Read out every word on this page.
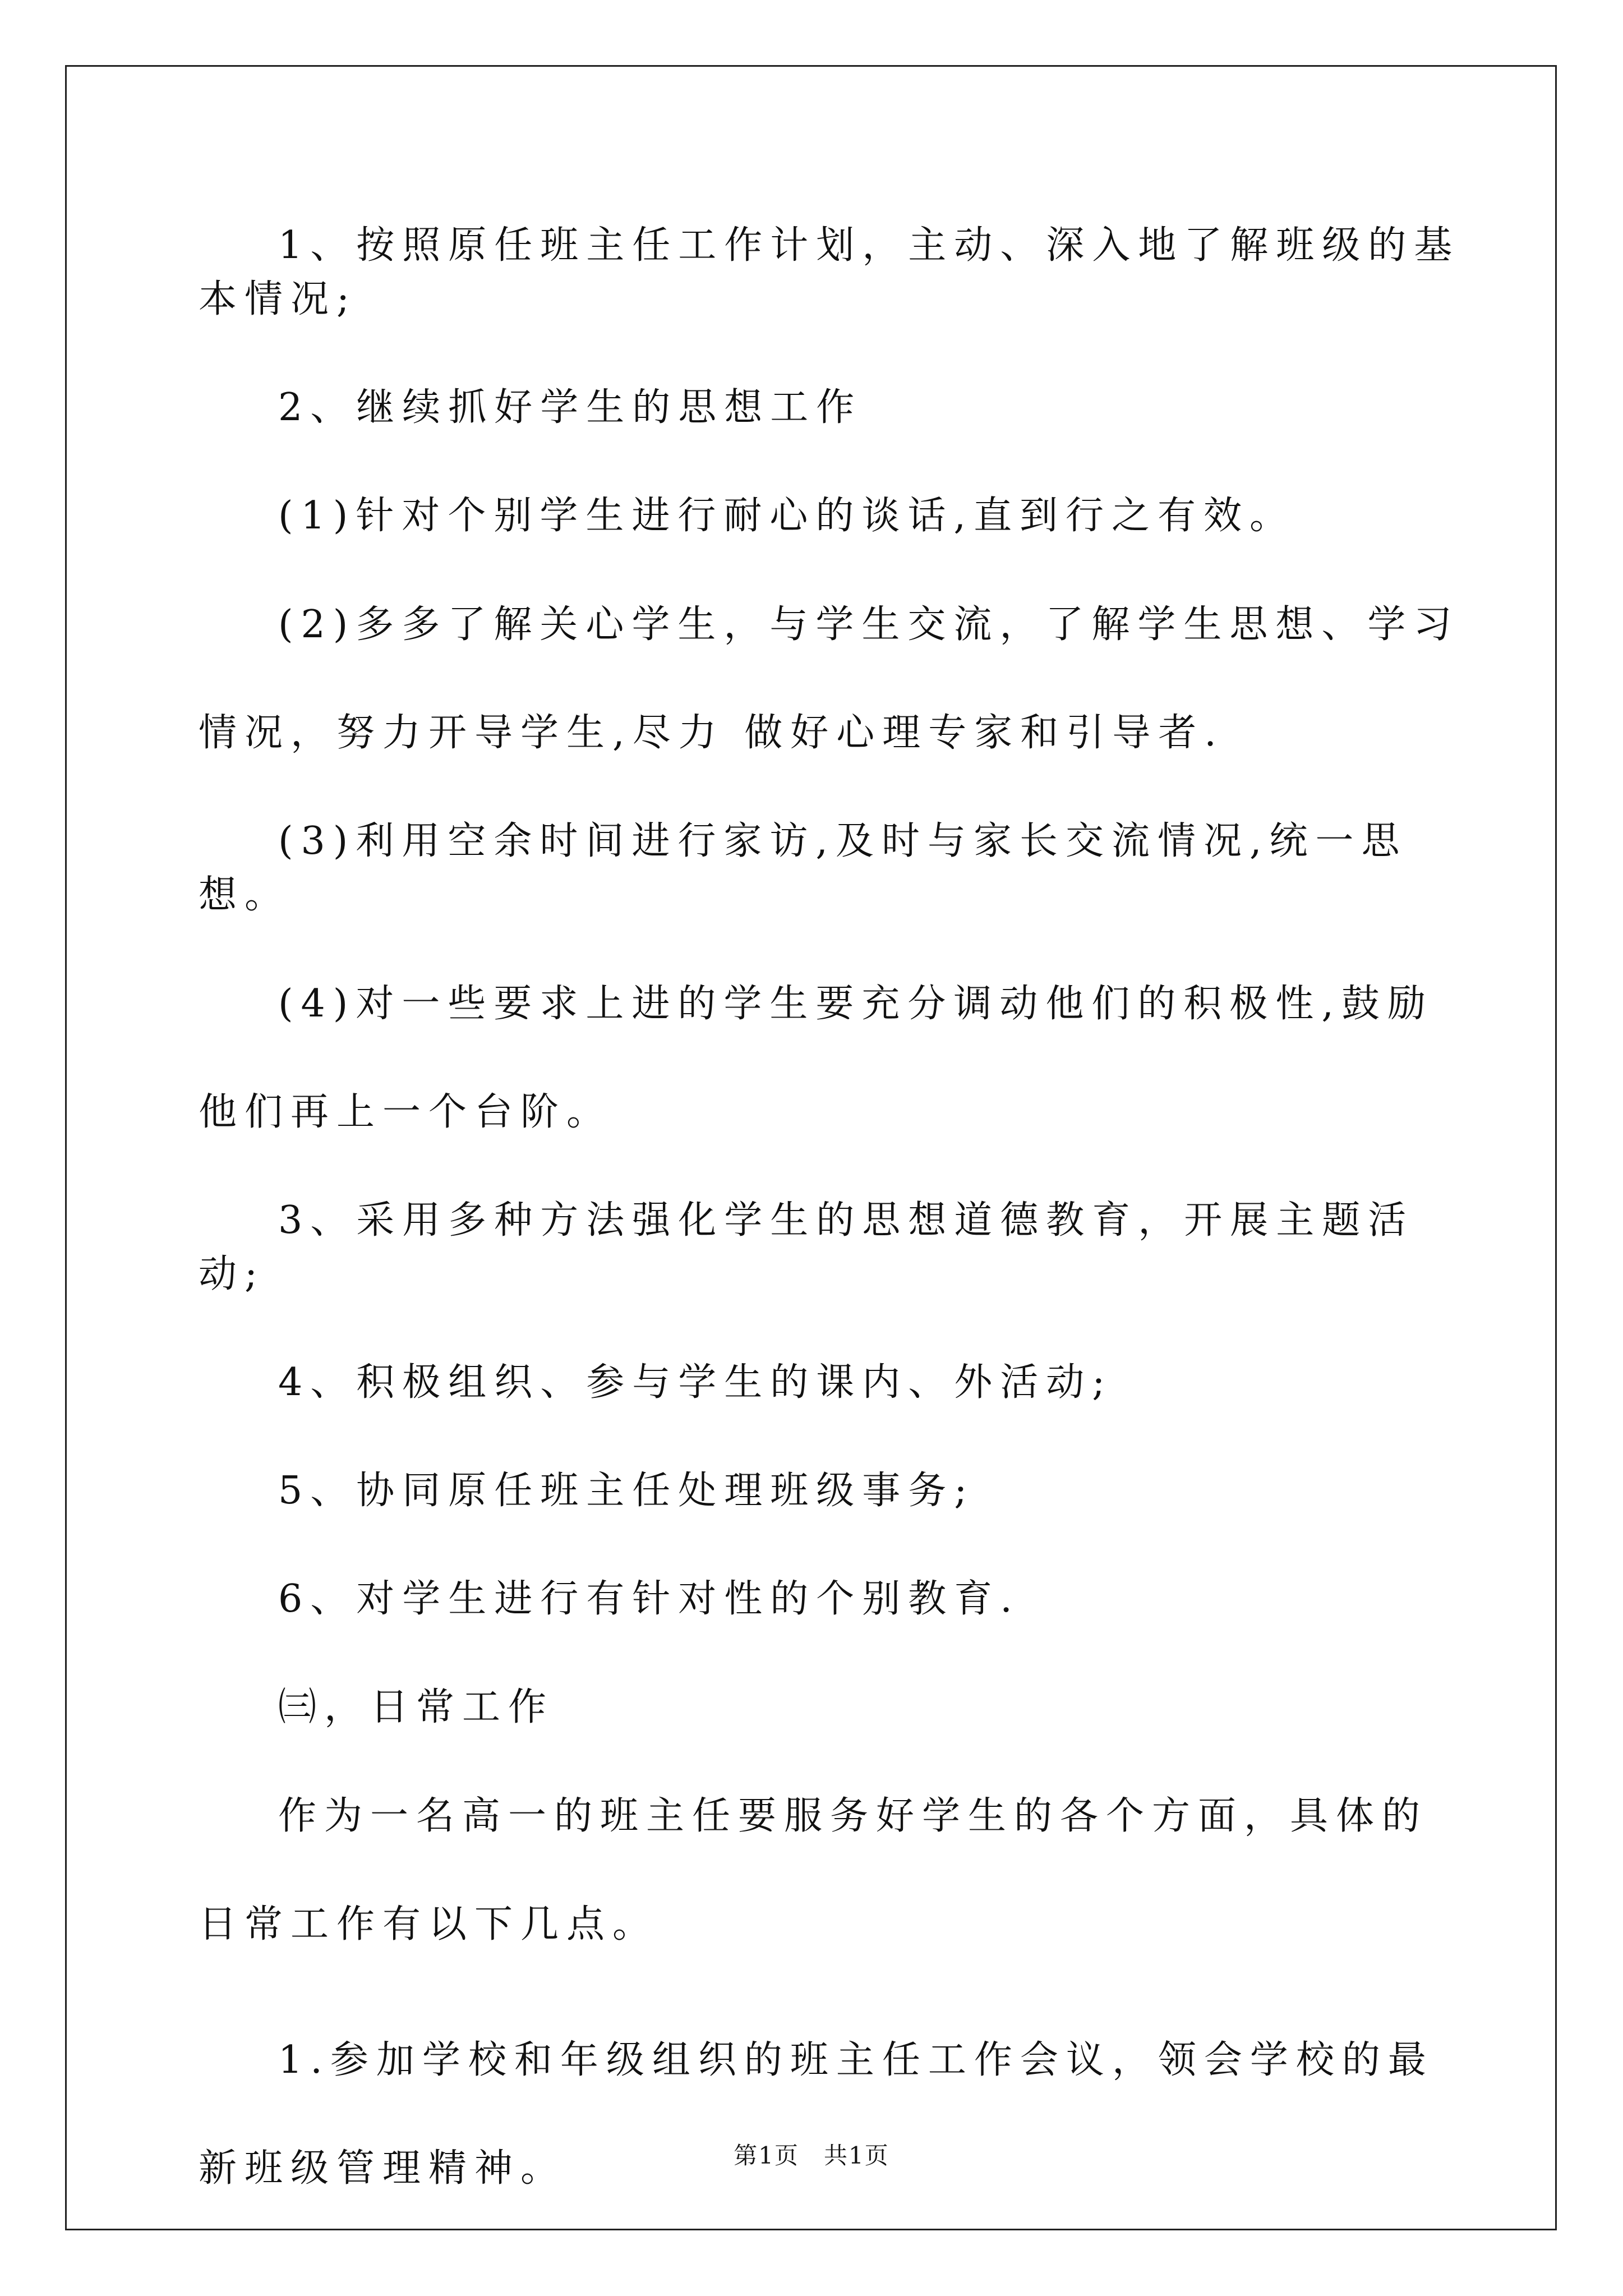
1、按照原任班主任工作计划，主动、深入地了解班级的基本情况;

2、继续抓好学生的思想工作

(1)针对个别学生进行耐心的谈话,直到行之有效。

(2)多多了解关心学生，与学生交流，了解学生思想、学习情况，努力开导学生,尽力 做好心理专家和引导者.

(3)利用空余时间进行家访,及时与家长交流情况,统一思想。

(4)对一些要求上进的学生要充分调动他们的积极性,鼓励他们再上一个台阶。

3、采用多种方法强化学生的思想道德教育，开展主题活动;

4、积极组织、参与学生的课内、外活动;

5、协同原任班主任处理班级事务;

6、对学生进行有针对性的个别教育.

㈢，日常工作

作为一名高一的班主任要服务好学生的各个方面，具体的日常工作有以下几点。

1.参加学校和年级组织的班主任工作会议，领会学校的最新班级管理精神。	第1页　共1页
